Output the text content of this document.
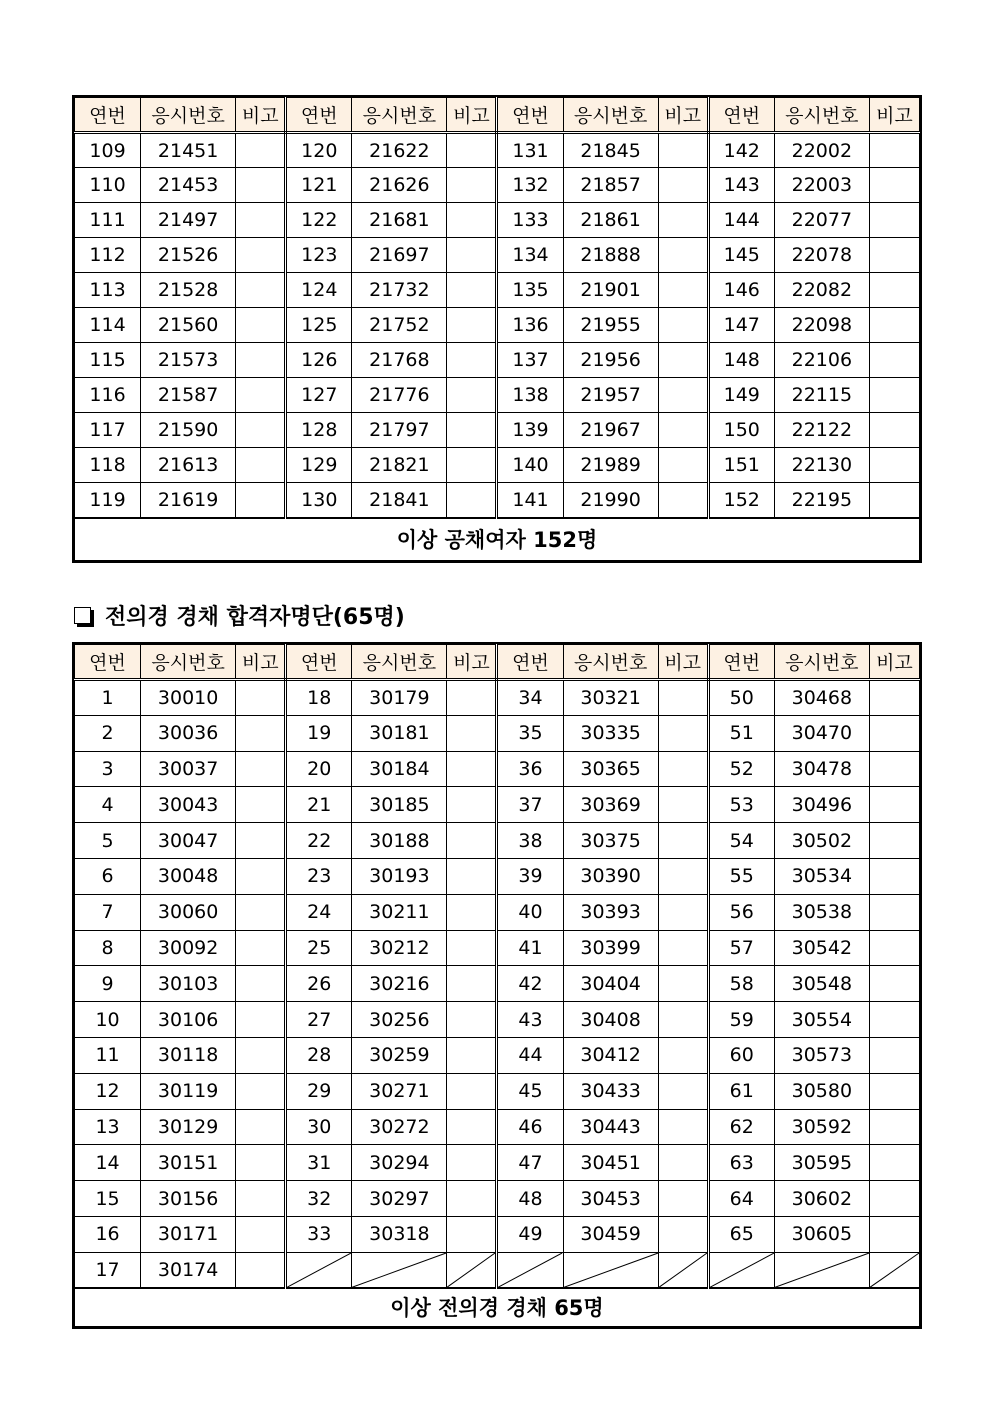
연번	응시번호	비고	연번	응시번호	비고	연번	응시번호	비고	연번	응시번호	비고
109	21451		120	21622		131	21845		142	22002	
110	21453		121	21626		132	21857		143	22003	
111	21497		122	21681		133	21861		144	22077	
112	21526		123	21697		134	21888		145	22078	
113	21528		124	21732		135	21901		146	22082	
114	21560		125	21752		136	21955		147	22098	
115	21573		126	21768		137	21956		148	22106	
116	21587		127	21776		138	21957		149	22115	
117	21590		128	21797		139	21967		150	22122	
118	21613		129	21821		140	21989		151	22130	
119	21619		130	21841		141	21990		152	22195	
이상 공채여자 152명											
전의경 경채 합격자명단(65명)
연번	응시번호	비고	연번	응시번호	비고	연번	응시번호	비고	연번	응시번호	비고
1	30010		18	30179		34	30321		50	30468	
2	30036		19	30181		35	30335		51	30470	
3	30037		20	30184		36	30365		52	30478	
4	30043		21	30185		37	30369		53	30496	
5	30047		22	30188		38	30375		54	30502	
6	30048		23	30193		39	30390		55	30534	
7	30060		24	30211		40	30393		56	30538	
8	30092		25	30212		41	30399		57	30542	
9	30103		26	30216		42	30404		58	30548	
10	30106		27	30256		43	30408		59	30554	
11	30118		28	30259		44	30412		60	30573	
12	30119		29	30271		45	30433		61	30580	
13	30129		30	30272		46	30443		62	30592	
14	30151		31	30294		47	30451		63	30595	
15	30156		32	30297		48	30453		64	30602	
16	30171		33	30318		49	30459		65	30605	
17	30174		

이상 전의경 경채 65명											
